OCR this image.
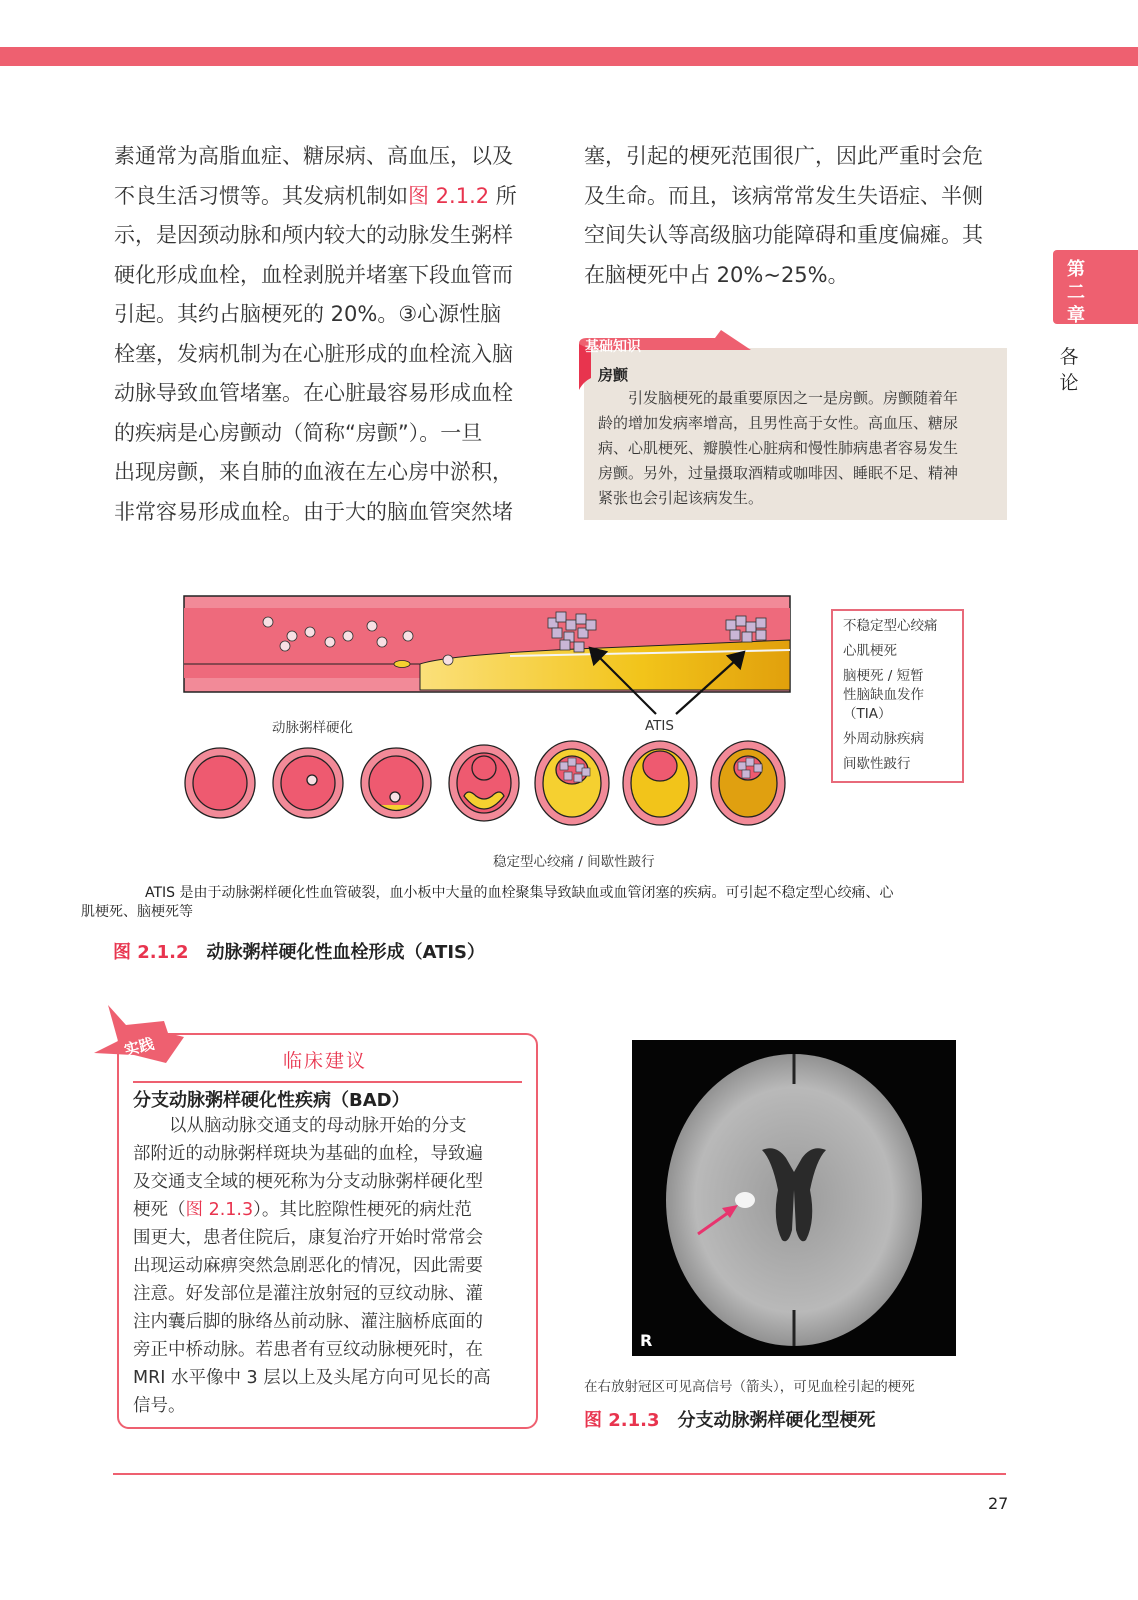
素通常为高脂血症、糖尿病、高血压，以及

不良生活习惯等。其发病机制如图 2.1.2 所

示，是因颈动脉和颅内较大的动脉发生粥样

硬化形成血栓，血栓剥脱并堵塞下段血管而

引起。其约占脑梗死的 20%。③心源性脑

栓塞，发病机制为在心脏形成的血栓流入脑

动脉导致血管堵塞。在心脏最容易形成血栓

的疾病是心房颤动（简称“房颤”）。一旦

出现房颤，来自肺的血液在左心房中淤积，

非常容易形成血栓。由于大的脑血管突然堵

塞，引起的梗死范围很广，因此严重时会危

及生命。而且，该病常常发生失语症、半侧

空间失认等高级脑功能障碍和重度偏瘫。其

在脑梗死中占 20%~25%。	第
二
章
各
论
基础知识
房颤

引发脑梗死的最重要原因之一是房颤。房颤随着年

龄的增加发病率增高，且男性高于女性。高血压、糖尿

病、心肌梗死、瓣膜性心脏病和慢性肺病患者容易发生

房颤。另外，过量摄取酒精或咖啡因、睡眠不足、精神

紧张也会引起该病发生。

动脉粥样硬化	ATIS
稳定型心绞痛 / 间歇性跛行
不稳定型心绞痛
心肌梗死
脑梗死 / 短暂
性脑缺血发作
（TIA）
外周动脉疾病
间歇性跛行
ATIS 是由于动脉粥样硬化性血管破裂，血小板中大量的血栓聚集导致缺血或血管闭塞的疾病。可引起不稳定型心绞痛、心
肌梗死、脑梗死等
图 2.1.2 动脉粥样硬化性血栓形成（ATIS）
实践
临床建议
分支动脉粥样硬化性疾病（BAD）

以从脑动脉交通支的母动脉开始的分支

部附近的动脉粥样斑块为基础的血栓，导致遍

及交通支全域的梗死称为分支动脉粥样硬化型

梗死（图 2.1.3）。其比腔隙性梗死的病灶范

围更大，患者住院后，康复治疗开始时常常会

出现运动麻痹突然急剧恶化的情况，因此需要

注意。好发部位是灌注放射冠的豆纹动脉、灌

注内囊后脚的脉络丛前动脉、灌注脑桥底面的

旁正中桥动脉。若患者有豆纹动脉梗死时，在

MRI 水平像中 3 层以上及头尾方向可见长的高

信号。

R
在右放射冠区可见高信号（箭头），可见血栓引起的梗死
图 2.1.3 分支动脉粥样硬化型梗死
27
